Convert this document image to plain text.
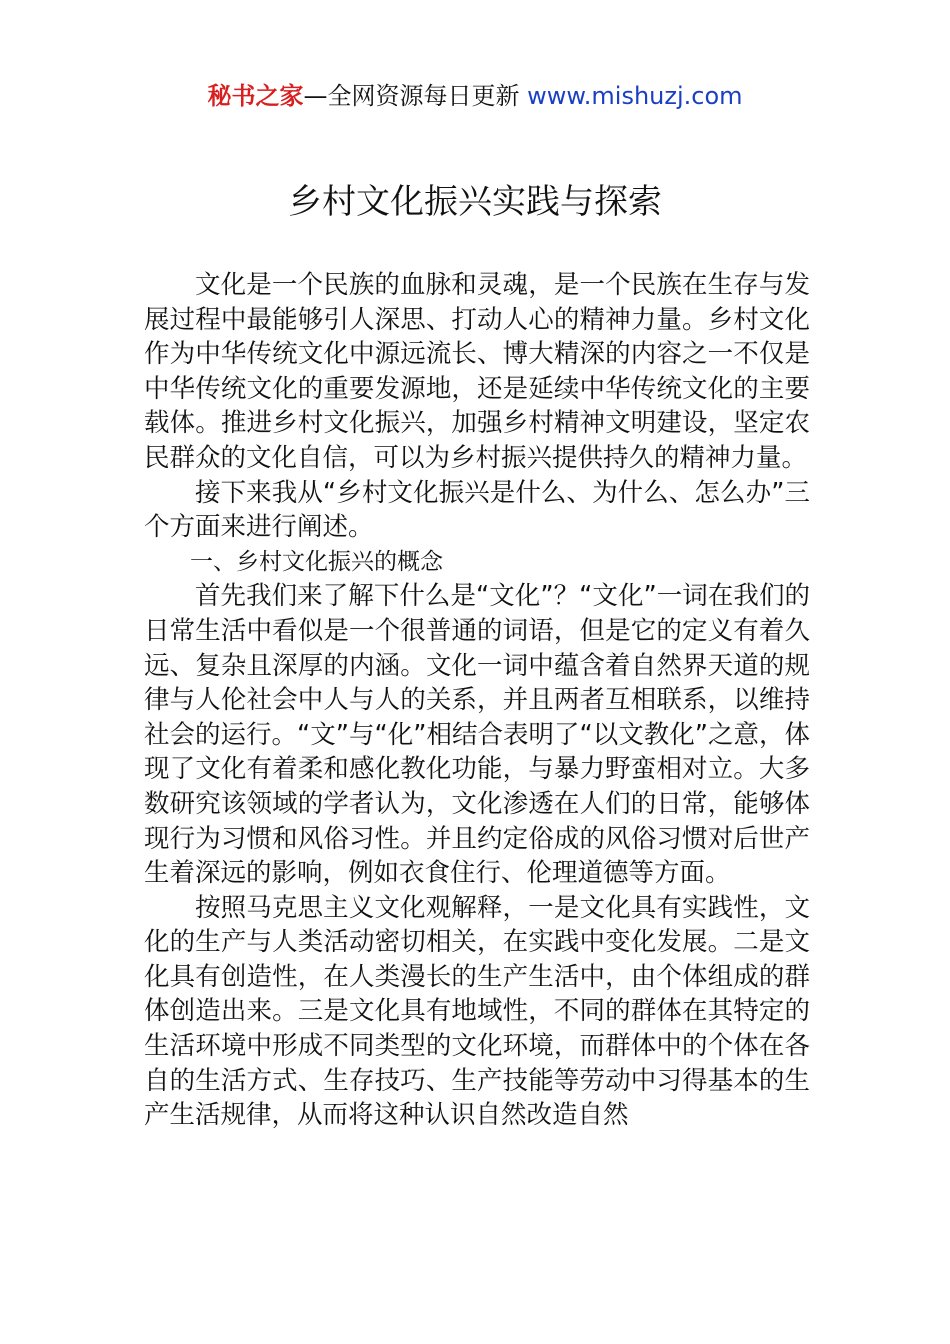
秘书之家—全网资源每日更新 www.mishuzj.com
乡村文化振兴实践与探索

文化是一个民族的血脉和灵魂，是一个民族在生存与发展过程中最能够引人深思、打动人心的精神力量。乡村文化作为中华传统文化中源远流长、博大精深的内容之一不仅是中华传统文化的重要发源地，还是延续中华传统文化的主要载体。推进乡村文化振兴，加强乡村精神文明建设，坚定农民群众的文化自信，可以为乡村振兴提供持久的精神力量。

接下来我从“乡村文化振兴是什么、为什么、怎么办”三个方面来进行阐述。

一、乡村文化振兴的概念

首先我们来了解下什么是“文化”？“文化”一词在我们的日常生活中看似是一个很普通的词语，但是它的定义有着久远、复杂且深厚的内涵。文化一词中蕴含着自然界天道的规律与人伦社会中人与人的关系，并且两者互相联系，以维持社会的运行。“文”与“化”相结合表明了“以文教化”之意，体现了文化有着柔和感化教化功能，与暴力野蛮相对立。大多数研究该领域的学者认为，文化渗透在人们的日常，能够体现行为习惯和风俗习性。并且约定俗成的风俗习惯对后世产生着深远的影响，例如衣食住行、伦理道德等方面。

按照马克思主义文化观解释，一是文化具有实践性，文化的生产与人类活动密切相关，在实践中变化发展。二是文化具有创造性，在人类漫长的生产生活中，由个体组成的群体创造出来。三是文化具有地域性，不同的群体在其特定的生活环境中形成不同类型的文化环境，而群体中的个体在各自的生活方式、生存技巧、生产技能等劳动中习得基本的生产生活规律，从而将这种认识自然改造自然
